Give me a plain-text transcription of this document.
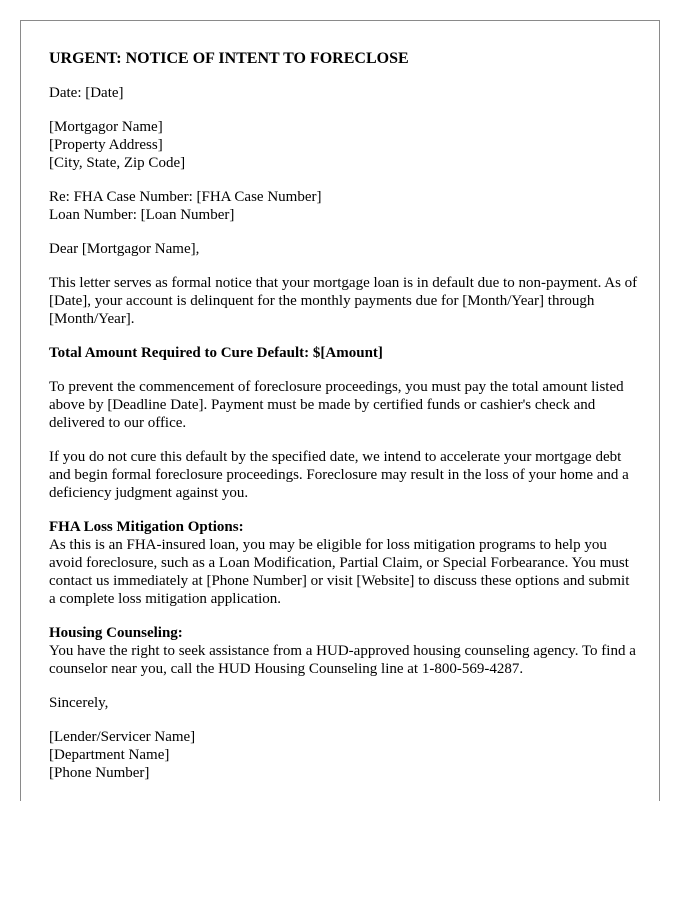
URGENT: NOTICE OF INTENT TO FORECLOSE

Date: [Date]

[Mortgagor Name]
[Property Address]
[City, State, Zip Code]

Re: FHA Case Number: [FHA Case Number]
Loan Number: [Loan Number]

Dear [Mortgagor Name],

This letter serves as formal notice that your mortgage loan is in default due to non-payment. As of [Date], your account is delinquent for the monthly payments due for [Month/Year] through [Month/Year].

Total Amount Required to Cure Default: $[Amount]

To prevent the commencement of foreclosure proceedings, you must pay the total amount listed above by [Deadline Date]. Payment must be made by certified funds or cashier's check and delivered to our office.

If you do not cure this default by the specified date, we intend to accelerate your mortgage debt and begin formal foreclosure proceedings. Foreclosure may result in the loss of your home and a deficiency judgment against you.

FHA Loss Mitigation Options:
As this is an FHA-insured loan, you may be eligible for loss mitigation programs to help you avoid foreclosure, such as a Loan Modification, Partial Claim, or Special Forbearance. You must contact us immediately at [Phone Number] or visit [Website] to discuss these options and submit a complete loss mitigation application.

Housing Counseling:
You have the right to seek assistance from a HUD-approved housing counseling agency. To find a counselor near you, call the HUD Housing Counseling line at 1-800-569-4287.

Sincerely,

[Lender/Servicer Name]
[Department Name]
[Phone Number]
